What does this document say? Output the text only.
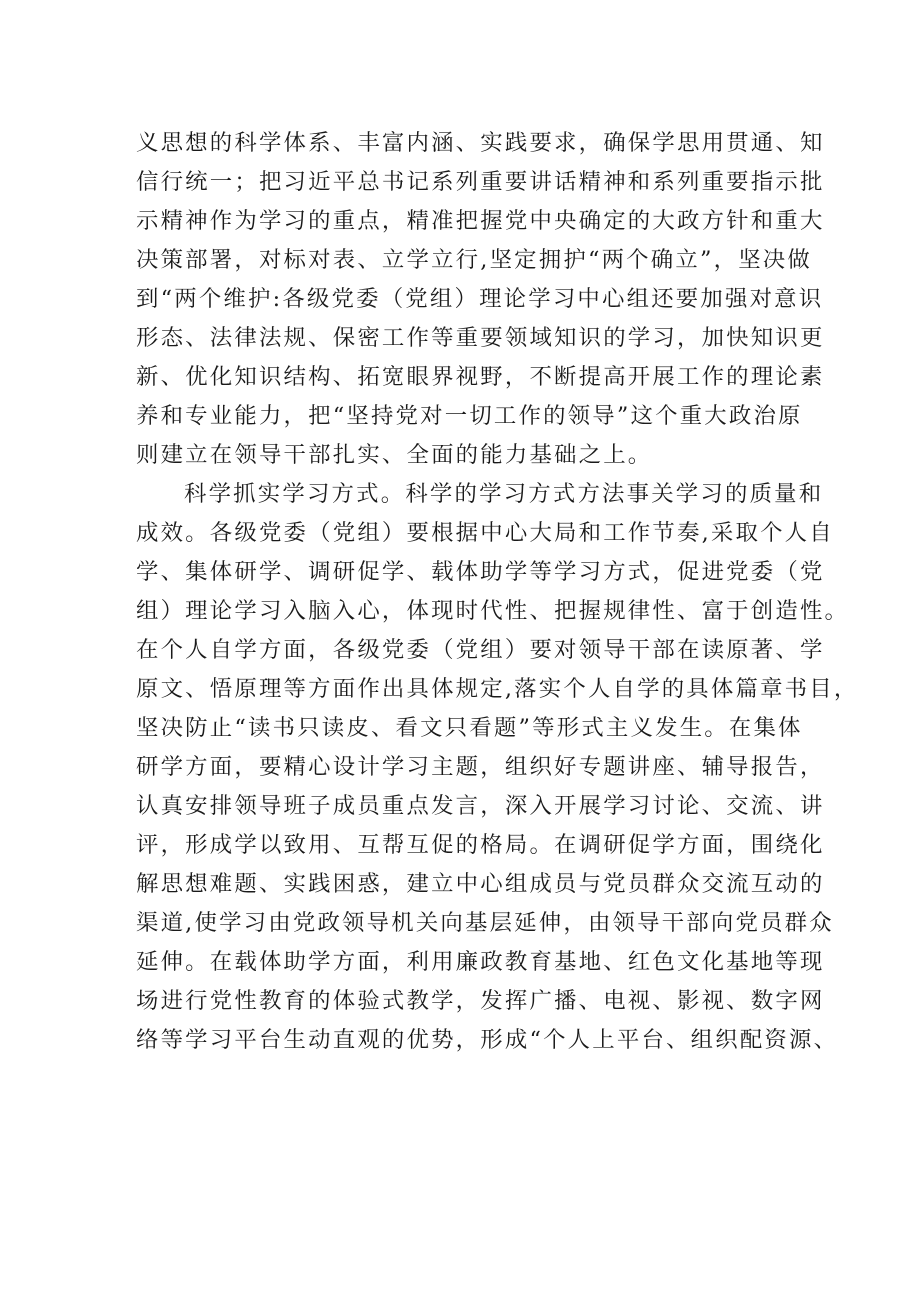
义思想的科学体系、丰富内涵、实践要求，确保学思用贯通、知
信行统一；把习近平总书记系列重要讲话精神和系列重要指示批
示精神作为学习的重点，精准把握党中央确定的大政方针和重大
决策部署，对标对表、立学立行,坚定拥护“两个确立”，坚决做
到“两个维护:各级党委（党组）理论学习中心组还要加强对意识
形态、法律法规、保密工作等重要领域知识的学习，加快知识更
新、优化知识结构、拓宽眼界视野，不断提高开展工作的理论素
养和专业能力，把“坚持党对一切工作的领导”这个重大政治原
则建立在领导干部扎实、全面的能力基础之上。
科学抓实学习方式。科学的学习方式方法事关学习的质量和
成效。各级党委（党组）要根据中心大局和工作节奏,采取个人自
学、集体研学、调研促学、载体助学等学习方式，促进党委（党
组）理论学习入脑入心，体现时代性、把握规律性、富于创造性。
在个人自学方面，各级党委（党组）要对领导干部在读原著、学
原文、悟原理等方面作出具体规定,落实个人自学的具体篇章书目，
坚决防止“读书只读皮、看文只看题”等形式主义发生。在集体
研学方面，要精心设计学习主题，组织好专题讲座、辅导报告，
认真安排领导班子成员重点发言，深入开展学习讨论、交流、讲
评，形成学以致用、互帮互促的格局。在调研促学方面，围绕化
解思想难题、实践困惑，建立中心组成员与党员群众交流互动的
渠道,使学习由党政领导机关向基层延伸，由领导干部向党员群众
延伸。在载体助学方面，利用廉政教育基地、红色文化基地等现
场进行党性教育的体验式教学，发挥广播、电视、影视、数字网
络等学习平台生动直观的优势，形成“个人上平台、组织配资源、
